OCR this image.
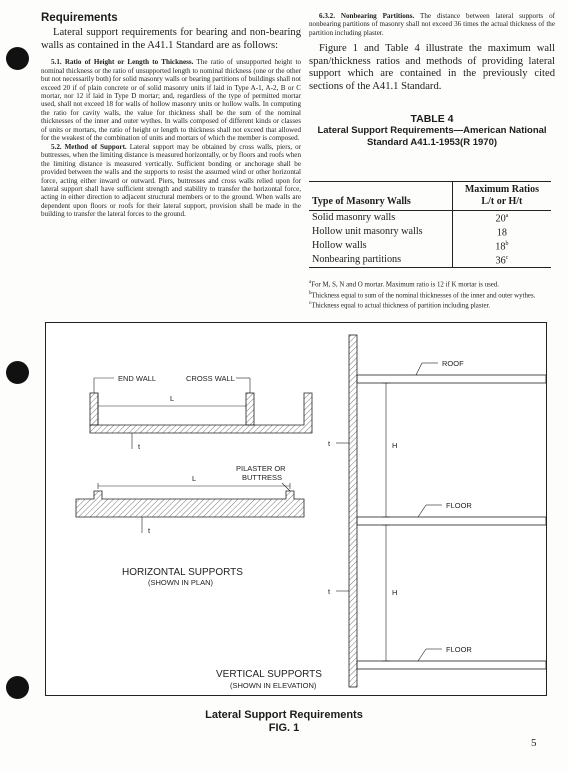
Requirements

Lateral support requirements for bearing and non-bearing walls as contained in the A41.1 Standard are as follows:

5.1. Ratio of Height or Length to Thickness. The ratio of unsupported height to nominal thickness or the ratio of unsupported length to nominal thickness (one or the other but not necessarily both) for solid masonry walls or bearing partitions of buildings shall not exceed 20 if of plain concrete or of solid masonry units if laid in Type A-1, A-2, B or C mortar, nor 12 if laid in Type D mortar; and, regardless of the type of permitted mortar used, shall not exceed 18 for walls of hollow masonry units or hollow walls. In computing the ratio for cavity walls, the value for thickness shall be the sum of the nominal thicknesses of the inner and outer wythes. In walls composed of different kinds or classes of units or mortars, the ratio of height or length to thickness shall not exceed that allowed for the weakest of the combination of units and mortars of which the member is composed.

5.2. Method of Support. Lateral support may be obtained by cross walls, piers, or buttresses, when the limiting distance is measured horizontally, or by floors and roofs when the limiting distance is measured vertically. Sufficient bonding or anchorage shall be provided between the walls and the supports to resist the assumed wind or other horizontal force, acting either inward or outward. Piers, buttresses and cross walls relied upon for lateral support shall have sufficient strength and stability to transfer the horizontal force, acting in either direction to adjacent structural members or to the ground. When walls are dependent upon floors or roofs for their lateral support, provision shall be made in the building to transfer the lateral forces to the ground.

6.3.2. Nonbearing Partitions. The distance between lateral supports of nonbearing partitions of masonry shall not exceed 36 times the actual thickness of the partition including plaster.

Figure 1 and Table 4 illustrate the maximum wall span/thickness ratios and methods of providing lateral support which are contained in the previously cited sections of the A41.1 Standard.

TABLE 4
Lateral Support Requirements—American National
Standard A41.1-1953(R 1970)
Type of Masonry Walls	Maximum Ratios
L/t or H/t
Solid masonry walls	20$^a$
Hollow unit masonry walls	18
Hollow walls	18$^b$
Nonbearing partitions	36$^c$

$^a$For M, S, N and O mortar. Maximum ratio is 12 if K mortar is used.

$^b$Thickness equal to sum of the nominal thicknesses of the inner and outer wythes.

$^c$Thickness equal to actual thickness of partition including plaster.

END WALL	CROSS WALL
L
t
PILASTER OR
BUTTRESS
L
t
HORIZONTAL SUPPORTS
(SHOWN IN PLAN)
ROOF
FLOOR
FLOOR
H
t
H
t
VERTICAL SUPPORTS
(SHOWN IN ELEVATION)
Lateral Support Requirements
FIG. 1
5
